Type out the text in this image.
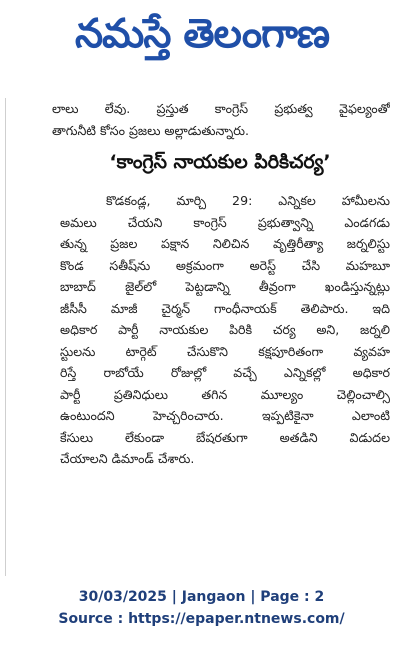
నమస్తే తెలంగాణ
లాలు లేవు. ప్రస్తుత కాంగ్రెస్ ప్రభుత్వ వైఫల్యంతో
తాగునీటి కోసం ప్రజలు అల్లాడుతున్నారు.
‘కాంగ్రెస్ నాయకుల పిరికిచర్య’
కొడకండ్ల, మార్చి 29: ఎన్నికల హామీలను
అమలు చేయని కాంగ్రెస్ ప్రభుత్వాన్ని ఎండగడు
తున్న ప్రజల పక్షాన నిలిచిన వృత్తిరీత్యా జర్నలిస్టు
కొండ సతీష్‌ను అక్రమంగా అరెస్ట్ చేసి మహబూ
బాబాద్ జైల్‌లో పెట్టడాన్ని తీవ్రంగా ఖండిస్తున్నట్లు
జీసీసీ మాజీ చైర్మన్ గాంధీనాయక్ తెలిపారు. ఇది
అధికార పార్టీ నాయకుల పిరికి చర్య అని, జర్నలి
స్టులను టార్గెట్ చేసుకొని కక్షపూరితంగా వ్యవహ
రిస్తే రాబోయే రోజుల్లో వచ్చే ఎన్నికల్లో అధికార
పార్టీ ప్రతినిధులు తగిన మూల్యం చెల్లించాల్సి
ఉంటుందని హెచ్చరించారు. ఇప్పటికైనా ఎలాంటి
కేసులు లేకుండా బేషరతుగా అతడిని విడుదల
చేయాలని డిమాండ్ చేశారు.
30/03/2025 | Jangaon | Page : 2
Source : https://epaper.ntnews.com/
